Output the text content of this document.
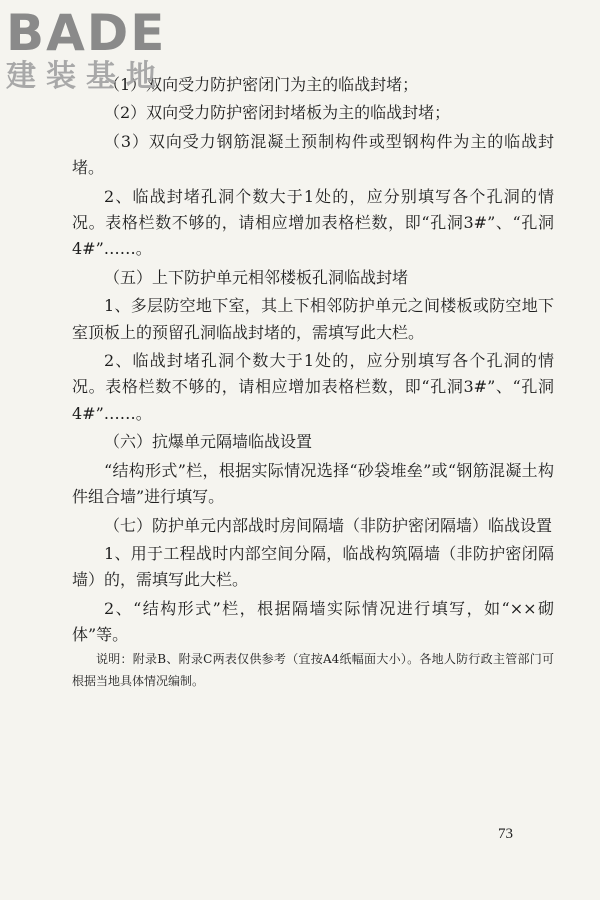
BADE
建装基地

（1）双向受力防护密闭门为主的临战封堵；

（2）双向受力防护密闭封堵板为主的临战封堵；

（3）双向受力钢筋混凝土预制构件或型钢构件为主的临战封堵。

2、临战封堵孔洞个数大于1处的，应分别填写各个孔洞的情况。表格栏数不够的，请相应增加表格栏数，即“孔洞3#”、“孔洞4#”……。

（五）上下防护单元相邻楼板孔洞临战封堵

1、多层防空地下室，其上下相邻防护单元之间楼板或防空地下室顶板上的预留孔洞临战封堵的，需填写此大栏。

2、临战封堵孔洞个数大于1处的，应分别填写各个孔洞的情况。表格栏数不够的，请相应增加表格栏数，即“孔洞3#”、“孔洞4#”……。

（六）抗爆单元隔墙临战设置

“结构形式”栏，根据实际情况选择“砂袋堆垒”或“钢筋混凝土构件组合墙”进行填写。

（七）防护单元内部战时房间隔墙（非防护密闭隔墙）临战设置

1、用于工程战时内部空间分隔，临战构筑隔墙（非防护密闭隔墙）的，需填写此大栏。

2、“结构形式”栏，根据隔墙实际情况进行填写，如“××砌体”等。

说明：附录B、附录C两表仅供参考（宜按A4纸幅面大小）。各地人防行政主管部门可根据当地具体情况编制。

73
